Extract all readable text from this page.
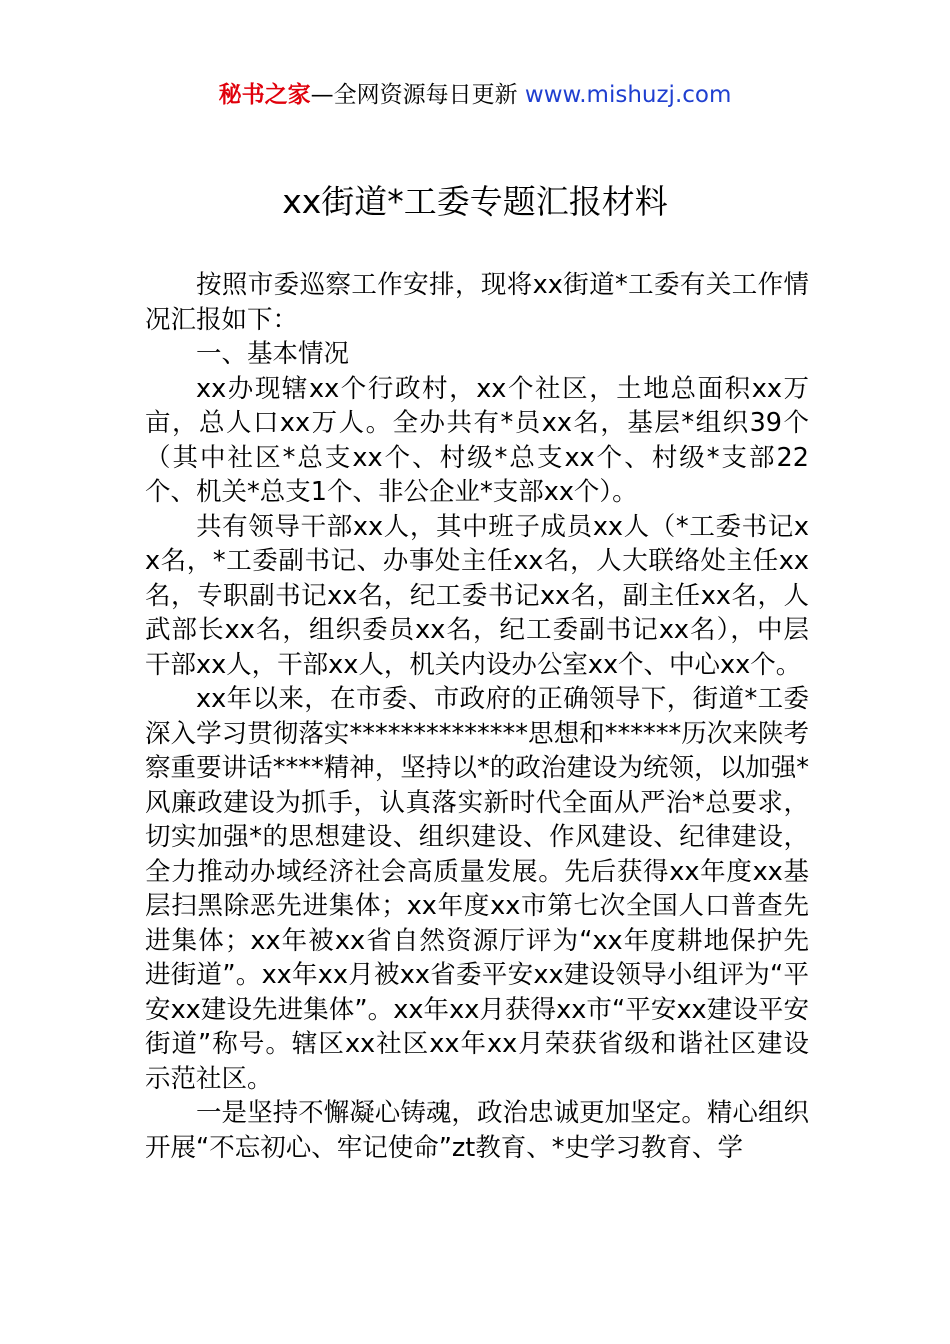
秘书之家—全网资源每日更新 www.mishuzj.com
xx街道*工委专题汇报材料

按照市委巡察工作安排，现将xx街道*工委有关工作情况汇报如下：

一、基本情况

xx办现辖xx个行政村，xx个社区，土地总面积xx万亩，总人口xx万人。全办共有*员xx名，基层*组织39个（其中社区*总支xx个、村级*总支xx个、村级*支部22个、机关*总支1个、非公企业*支部xx个）。

共有领导干部xx人，其中班子成员xx人（*工委书记xx名，*工委副书记、办事处主任xx名，人大联络处主任xx名，专职副书记xx名，纪工委书记xx名，副主任xx名，人武部长xx名，组织委员xx名，纪工委副书记xx名），中层干部xx人，干部xx人，机关内设办公室xx个、中心xx个。

xx年以来，在市委、市政府的正确领导下，街道*工委深入学习贯彻落实**************思想和******历次来陕考察重要讲话****精神，坚持以*的政治建设为统领，以加强*风廉政建设为抓手，认真落实新时代全面从严治*总要求，切实加强*的思想建设、组织建设、作风建设、纪律建设，全力推动办域经济社会高质量发展。先后获得xx年度xx基层扫黑除恶先进集体；xx年度xx市第七次全国人口普查先进集体；xx年被xx省自然资源厅评为“xx年度耕地保护先进街道”。xx年xx月被xx省委平安xx建设领导小组评为“平安xx建设先进集体”。xx年xx月获得xx市“平安xx建设平安街道”称号。辖区xx社区xx年xx月荣获省级和谐社区建设示范社区。

一是坚持不懈凝心铸魂，政治忠诚更加坚定。精心组织开展“不忘初心、牢记使命”zt教育、*史学习教育、学
